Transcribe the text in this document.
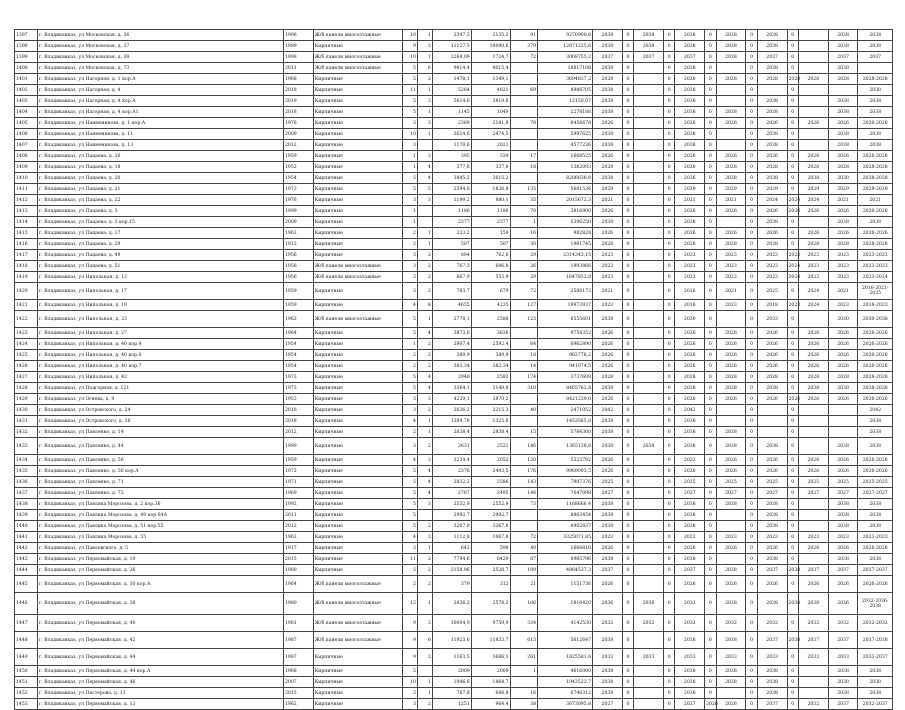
1397	г. Владикавказ, ул Московская, д. 36	1996	Ж/б панели многоэтажные	10	1	2347,3	2135,2	91	9270900,8	2038	0	2038	0	2038	0	2038	0	2038	0		2038	2038
1398	г. Владикавказ, ул Московская, д. 37	1989	Кирпичные	9	3	11127,5	10090,6	379	12871225,6	2038	0	2038	0	2038	0	2038	0	2038	0		2038	2038
1399	г. Владикавказ, ул Московская, д. 38	1998	Ж/б панели многоэтажные	10	1	2264,09	1724,7	72	3069755,2	2037	0	2037	0	2037	0	2038	0	2037	0		2037	2037
1400	г. Владикавказ, ул Московская, д. 73	2011	Ж/б панели многоэтажные	5	6	9814,4	9015,4		18817108	2038	0		0	2038	0		0	2038	0		2038	
1401	г. Владикавказ, ул Нагорная, д. 1 кор.А	1968	Кирпичные	5	2	1478,1	1349,1		3694837,2	2028	0		0	2028	0	2028	0	2028	2028	2028	2028	2028-2028
1402	г. Владикавказ, ул Нагорная, д. 4	2018	Кирпичные	11	1	5264	4821	69	8986705	2038	0		0	2038	0		0		0			2038
1403	г. Владикавказ, ул Нагорная, д. 4 кор.А	2019	Кирпичные	5	3	5614,6	3819,6		12150,07	2038	0		0	2038	0		0	2038	0		2038	2038
1404	г. Владикавказ, ул Нагорная, д. 4 кор.А1	2018	Кирпичные	5	1	1145	1049		2278188	2038	0		0	2038	0	2038	0	2038	0		2038	2038
1405	г. Владикавказ, ул Наименикова, д. 1 кор.А	1976	Кирпичные	3	3	2369	2181,8	78	6456678	2026	0		0	2026	0	2026	0	2026	0	2026	2026	2026-2026
1406	г. Владикавказ, ул Наименикова, д. 11	2009	Кирпичные	10	1	2614,6	2474,5		5997625	2038	0		0	2038	0		0	2038	0		2038	2038
1407	г. Владикавказ, ул Наименикова, д. 13	2012	Кирпичные	3		1170,6	2021		4577236	2038	0		0	2038	0		0	2038	0		2038	2038
1408	г. Владикавказ, ул Пацаева, д. 16	1959	Кирпичные	1	3	395	339	17	1668525	2026	0		0	2026	0	2026	0	2026	0	2026	2026	2026-2026
1409	г. Владикавказ, ул Пацаева, д. 18	1952	Кирпичные	1	4	377,8	337,8	18	1362093	2028	0		0	2028	0	2028	0	2028	0	2028	2028	2028-2028
1410	г. Владикавказ, ул Пацаева, д. 20	1954	Кирпичные	5	4	3845,2	3615,2		8206636,8	2038	0		0	2036	0	2038	0	2038	0	2038	2038	2038-2038
1411	г. Владикавказ, ул Пацаева, д. 21	1973	Кирпичные	5	5	2594,8	1826,8	135	5601536	2029	0		0	2029	0	2029	0	2029	0	2029	2029	2029-2029
1412	г. Владикавказ, ул Пацаева, д. 22	1976	Кирпичные	3	3	1199,2	880,1	35	2015672,3	2021	0		0	2021	0	2021	0	2024	2024	2024	2021	2021
1413	г. Владикавказ, ул Пацаева, д. 3	1999	Кирпичные	1		1186	1186	70	3816900	2026	0		0	2026	0	2026	0	2026	2026	2026	2026	2026-2026
1414	г. Владикавказ, ул Пацаева, д. 3 кор.15	2009	Кирпичные	1		2377	2377	1	5396250	2038	0		0	2038	0		0	2038	0		2038	2038
1415	г. Владикавказ, ул Пацаева, д. 17	1962	Кирпичные	2	1	323,2	159	16	982828	2026	0		0	2026	0	2026	0	2026	0	2026	2026	2026-2026
1416	г. Владикавказ, ул Пацаева, д. 29	1912	Кирпичные	2	1	507	507	30	1961745	2028	0		0	2028	0	2028	0	2028	0	2028	2028	2028-2028
1417	г. Владикавказ, ул Пацаева, д. 49	1956	Кирпичные	3	2	894	762,6	29	2314343,15	2023	0		0	2023	0	2023	0	2023	2023	2023	2023	2023-2023
1418	г. Владикавказ, ул Пацаева, д. 51	1956	Ж/б панели многоэтажные	3	2	767,3	696,8	26	1993866	2023	0		0	2023	0	2023	0	2023	2024	2023	2023	2023-2023
1419	г. Владикавказ, ул Нипольная, д. 13	1956	Ж/б панели многоэтажные	3	2	667,9	553,9	29	1647852,8	2023	0		0	2023	0	2023	0	2023	2024	2023	2023	2023-2024
1420	г. Владикавказ, ул Нипольная, д. 17	1959	Кирпичные	3	2	783,7	679	72	2588172	2021	0		0	2016	0	2021	0	2025	0	2024	2021	2016-2021-2025
1421	г. Владикавказ, ул Нипольная, д. 19	1959	Кирпичные	4	8	4655	4235	127	19973937	2023	0		0	2018	0	2023	0	2018	2023	2024	2023	2018-2023
1422	г. Владикавказ, ул Нипольная, д. 23	1962	Ж/б панели многоэтажные	5	1	2778,1	2588	123	6555601	2038	0		0	2030	0		0	2033	0		2030	2030-2038
1423	г. Владикавказ, ул Нипольная, д. 27	1964	Кирпичные	5	4	3873,6	3636		9754352	2026	0		0	2026	0	2026	0	2026	0	2026	2026	2026-2026
1424	г. Владикавказ, ул Нипольная, д. 40 кор.4	1954	Кирпичные	1	2	2907,4	2592,4	64	6962890	2026	0		0	2026	0	2026	0	2026	0	2026	2026	2026-2026
1425	г. Владикавказ, ул Нипольная, д. 40 кор.6	1954	Кирпичные	2	2	389,9	389,9	18	962778,2	2026	0		0	2026	0	2026	0	2026	0	2026	2026	2026-2026
1426	г. Владикавказ, ул Нипольная, д. 40 кор.7	1954	Кирпичные	2	2	383,34	383,34	14	941074,5	2026	0		0	2026	0	2026	0	2026	0	2026	2026	2026-2026
1427	г. Владикавказ, ул Нипольная, д. 42	1973	Кирпичные	5	4	2946	2592	174	3737609	2028	0		0	2028	0	2028	0	2028	0	2028	2028	2028-2028
1428	г. Владикавказ, ул Подгорная, д. 121	1973	Кирпичные	5	4	3364,1	3149,8	310	8465762,8	2038	0		0	2038	0	2038	0	2038	0	2038	2038	2038-2038
1429	г. Владикавказ, ул Огнева, д. 9	1953	Кирпичные	3	3	4229,1	3870,2		8421239,6	2026	0		0	2026	0	2026	0	2026	2026	2026	2026	2026-2026
1430	г. Владикавказ, ул Островского, д. 24	2016	Кирпичные	3	2	2636,2	2215,3	40	2471052	2042	0		0	2042	0		0		0			2042
1431	г. Владикавказ, ул Островского, д. 36	2018	Кирпичные	4	1	1389,78	1325,6		1453565,8	2038	0		0	2038	0		0		0			2038
1432	г. Владикавказ, ул Павленко, д. 14	2012	Кирпичные	2	1	2838,4	2838,4	15	5784360	2038	0		0	2038	0	2038	0		0			2038
1433	г. Владикавказ, ул Павленко, д. 44	1999	Кирпичные	3	2	2631	2521	146	1365138,8	2038	0	2038	0	2038	0	2038	0	2038	0		2038	2038
1434	г. Владикавказ, ул Павленко, д. 56	1959	Кирпичные	4	3	2234,4	2052	120	5523792	2026	0		0	2022	0	2026	0	2026	0	2026	2026	2026-2026
1435	г. Владикавказ, ул Павленко, д. 56 кор.А	1972	Кирпичные	5	4	2376	2493,5	176	9969093,5	2026	0		0	2026	0	2026	0	2026	0	2026	2026	2026-2026
1436	г. Владикавказ, ул Павленко, д. 71	1971	Кирпичные	5	4	2832,2	2586	143	7907376	2025	0		0	2025	0	2025	0	2025	0	2025	2025	2025-2025
1437	г. Владикавказ, ул Павленко, д. 73	1969	Кирпичные	5	4	2787	2495	148	7647098	2027	0		0	2027	0	2027	0	2027	0	2027	2027	2027-2027
1438	г. Владикавказ, ул Павлика Морозова, д. 2 кор.36	1992	Кирпичные	5	3	2552,9	2552,9	73	1168666,4	2038	0		0	2038	0	2038	0	2038	0		2038	2038
1439	г. Владикавказ, ул Павлика Морозова, д. 49 кор.64А	2011	Кирпичные	5		2992,7	2992,7		8863454	2038	0		0	2038	0		0	2038	0		2038	2038
1440	г. Владикавказ, ул Павлика Морозова, д. 51 кор.55	2012	Кирпичные	5	2	3267,8	3267,8		6902837	2038	0		0	2038	0		0	2038	0		2038	2038
1441	г. Владикавказ, ул Павлика Морозова, д. 55	1962	Кирпичные	4	2	1112,8	1067,8	72	3325071,85	2023	0		0	2023	0	2023	0	2023	0	2023	2023	2023-2023
1442	г. Владикавказ, ул Павловского, д. 5	1917	Кирпичные	3	1	643	598	40	1668816	2026	0		0	2026	0	2026	0	2026	0	2026	2026	2026-2026
1443	г. Владикавказ, ул Первомайская, д. 19	2015	Кирпичные	11	2	7794,6	6429	87	6965796	2038	0		0	2038	0		0	2038	0		2038	2038
1444	г. Владикавказ, ул Первомайская, д. 26	1980	Кирпичные	5	2	2158,96	2528,7	109	4864537,3	2037	0		0	2037	0	2038	0	2037	2038	2037	2037	2037-2037
1445	г. Владикавказ, ул Первомайская, д. 30 кор.А	1964	Ж/б панели многоэтажные	2	2	379	312	21	1151736	2026	0		0	2026	0	2026	0	2026	0	2026	2026	2026-2026
1446	г. Владикавказ, ул Первомайская, д. 38	1980	Ж/б панели многоэтажные	12	1	2836,2	2578,2	106	1816420	2036	0	2036	0	2032	0	2038	0	2038	2038	2038	2036	2032-2036-2038
1447	г. Владикавказ, ул Первомайская, д. 40	1981	Ж/б панели многоэтажные	9	3	10004,9	9759,9	334	4142530	2032	0	2032	0	2032	0	2032	0	2032	0	2032	2032	2032-2032
1448	г. Владикавказ, ул Первомайская, д. 42	1987	Ж/б панели многоэтажные	9	6	11923,6	11833,7	615	5612647	2038	0		0	2038	0	2038	0	2037	2038	2037	2037	2037-2038
1449	г. Владикавказ, ул Первомайская, д. 44	1987	Кирпичные	9	2	1163,5	3686,1	261	1825581,6	2033	0	2033	0	2033	0	2033	0	2033	0	2033	2033	2033-2037
1450	г. Владикавказ, ул Первомайская, д. 44 кор.А	1968	Кирпичные	5		2009	2009	1	4616000	2038	0		0	2038	0	2038	0	2038	0		2038	2038
1451	г. Владикавказ, ул Первомайская, д. 46	2007	Кирпичные	10	1	1946,6	1864,7		1943522,7	2038	0		0	2038	0	2038	0	2038	0		2038	2038
1452	г. Владикавказ, ул Пестерова, д. 13	2015	Кирпичные	3	1	767,8	688,8	16	6746312	2038	0		0	2038	0		0	2038	0		2038	2038
1453	г. Владикавказ, ул Первомайская, д. 13	1962	Кирпичные	3	2	1251	964,4	38	3673095,8	2027	0		0	2027	2026	2026	0	2037	0	2032	2037	2032-2037
